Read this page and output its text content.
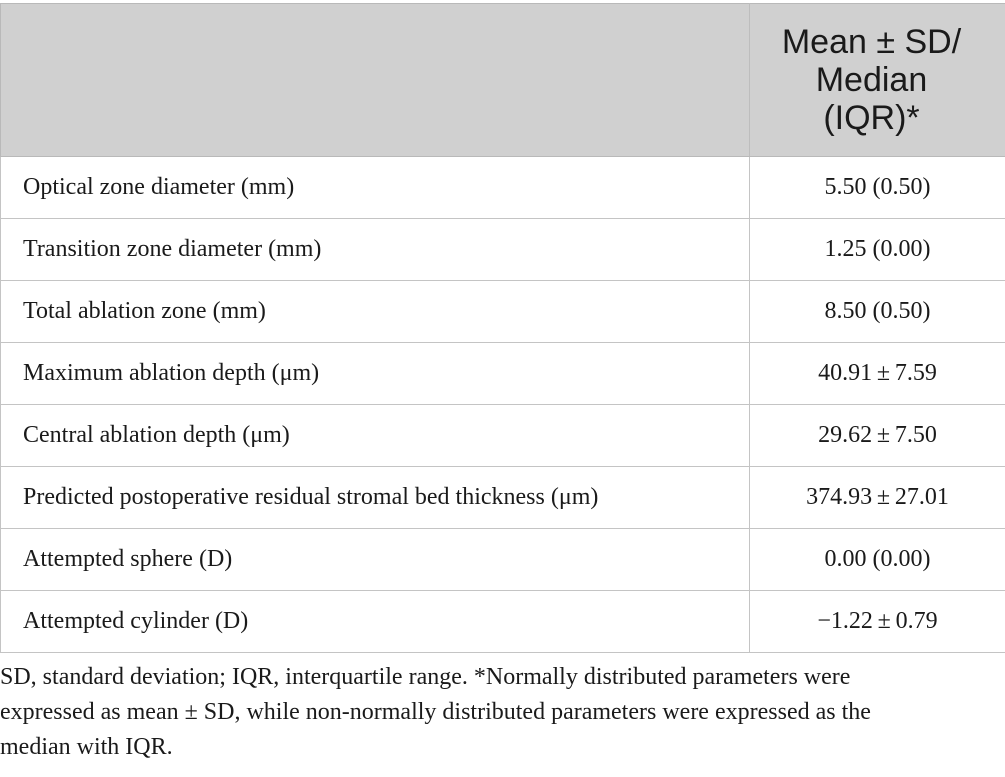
	Mean ± SD/
Median
(IQR)*

Optical zone diameter (mm)	5.50 (0.50)
Transition zone diameter (mm)	1.25 (0.00)
Total ablation zone (mm)	8.50 (0.50)
Maximum ablation depth (μm)	40.91 ± 7.59
Central ablation depth (μm)	29.62 ± 7.50
Predicted postoperative residual stromal bed thickness (μm)	374.93 ± 27.01
Attempted sphere (D)	0.00 (0.00)
Attempted cylinder (D)	−1.22 ± 0.79
SD, standard deviation; IQR, interquartile range. *Normally distributed parameters were
expressed as mean ± SD, while non-normally distributed parameters were expressed as the
median with IQR.
